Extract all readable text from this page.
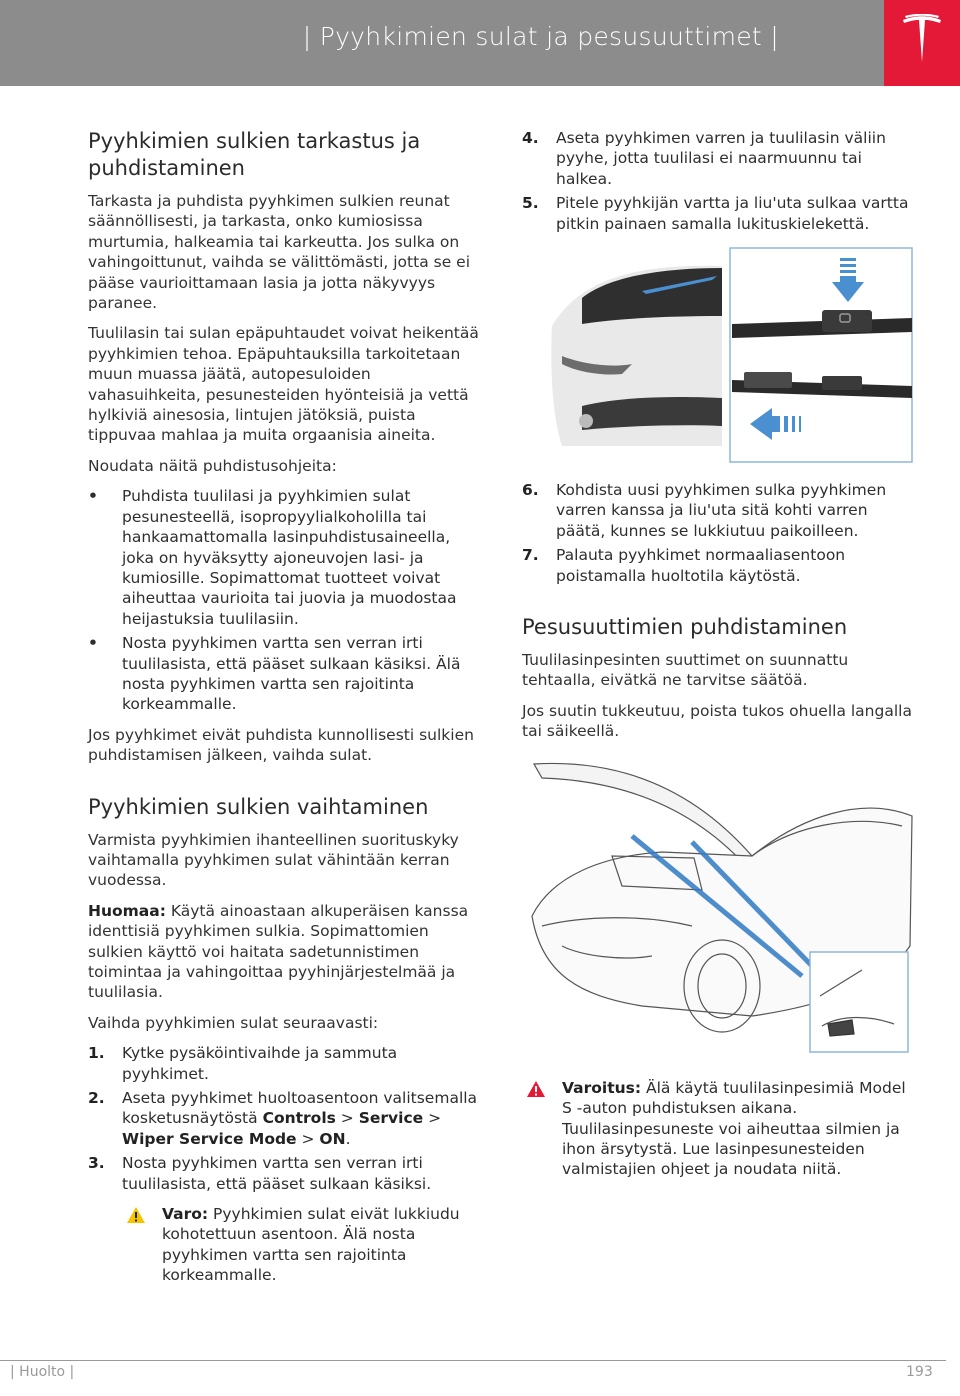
| Pyyhkimien sulat ja pesusuuttimet |
Pyyhkimien sulkien tarkastus ja puhdistaminen

Tarkasta ja puhdista pyyhkimen sulkien reunat säännöllisesti, ja tarkasta, onko kumiosissa murtumia, halkeamia tai karkeutta. Jos sulka on vahingoittunut, vaihda se välittömästi, jotta se ei pääse vaurioittamaan lasia ja jotta näkyvyys paranee.

Tuulilasin tai sulan epäpuhtaudet voivat heikentää pyyhkimien tehoa. Epäpuhtauksilla tarkoitetaan muun muassa jäätä, autopesuloiden vahasuihkeita, pesunesteiden hyönteisiä ja vettä hylkiviä ainesosia, lintujen jätöksiä, puista tippuvaa mahlaa ja muita orgaanisia aineita.

Noudata näitä puhdistusohjeita:

•	Puhdista tuulilasi ja pyyhkimien sulat pesunesteellä, isopropyylialkoholilla tai hankaamattomalla lasinpuhdistusaineella, joka on hyväksytty ajoneuvojen lasi- ja kumiosille. Sopimattomat tuotteet voivat aiheuttaa vaurioita tai juovia ja muodostaa heijastuksia tuulilasiin.
•	Nosta pyyhkimen vartta sen verran irti tuulilasista, että pääset sulkaan käsiksi. Älä nosta pyyhkimen vartta sen rajoitinta korkeammalle.

Jos pyyhkimet eivät puhdista kunnollisesti sulkien puhdistamisen jälkeen, vaihda sulat.

Pyyhkimien sulkien vaihtaminen

Varmista pyyhkimien ihanteellinen suorituskyky vaihtamalla pyyhkimen sulat vähintään kerran vuodessa.

Huomaa: Käytä ainoastaan alkuperäisen kanssa identtisiä pyyhkimen sulkia. Sopimattomien sulkien käyttö voi haitata sadetunnistimen toimintaa ja vahingoittaa pyyhinjärjestelmää ja tuulilasia.

Vaihda pyyhkimien sulat seuraavasti:

1. Kytke pysäköintivaihde ja sammuta pyyhkimet.
2. Aseta pyyhkimet huoltoasentoon valitsemalla kosketusnäytöstä Controls > Service > Wiper Service Mode > ON.
3. Nosta pyyhkimen vartta sen verran irti tuulilasista, että pääset sulkaan käsiksi.
Varo: Pyyhkimien sulat eivät lukkiudu kohotettuun asentoon. Älä nosta pyyhkimen vartta sen rajoitinta korkeammalle.
4. Aseta pyyhkimen varren ja tuulilasin väliin pyyhe, jotta tuulilasi ei naarmuunnu tai halkea.
5. Pitele pyyhkijän vartta ja liu'uta sulkaa vartta pitkin painaen samalla lukituskielekettä.
6. Kohdista uusi pyyhkimen sulka pyyhkimen varren kanssa ja liu'uta sitä kohti varren päätä, kunnes se lukkiutuu paikoilleen.
7. Palauta pyyhkimet normaaliasentoon poistamalla huoltotila käytöstä.
Pesusuuttimien puhdistaminen

Tuulilasinpesinten suuttimet on suunnattu tehtaalla, eivätkä ne tarvitse säätöä.

Jos suutin tukkeutuu, poista tukos ohuella langalla tai säikeellä.

Varoitus: Älä käytä tuulilasinpesimiä Model S -auton puhdistuksen aikana. Tuulilasinpesuneste voi aiheuttaa silmien ja ihon ärsytystä. Lue lasinpesunesteiden valmistajien ohjeet ja noudata niitä.
| Huolto |	193
